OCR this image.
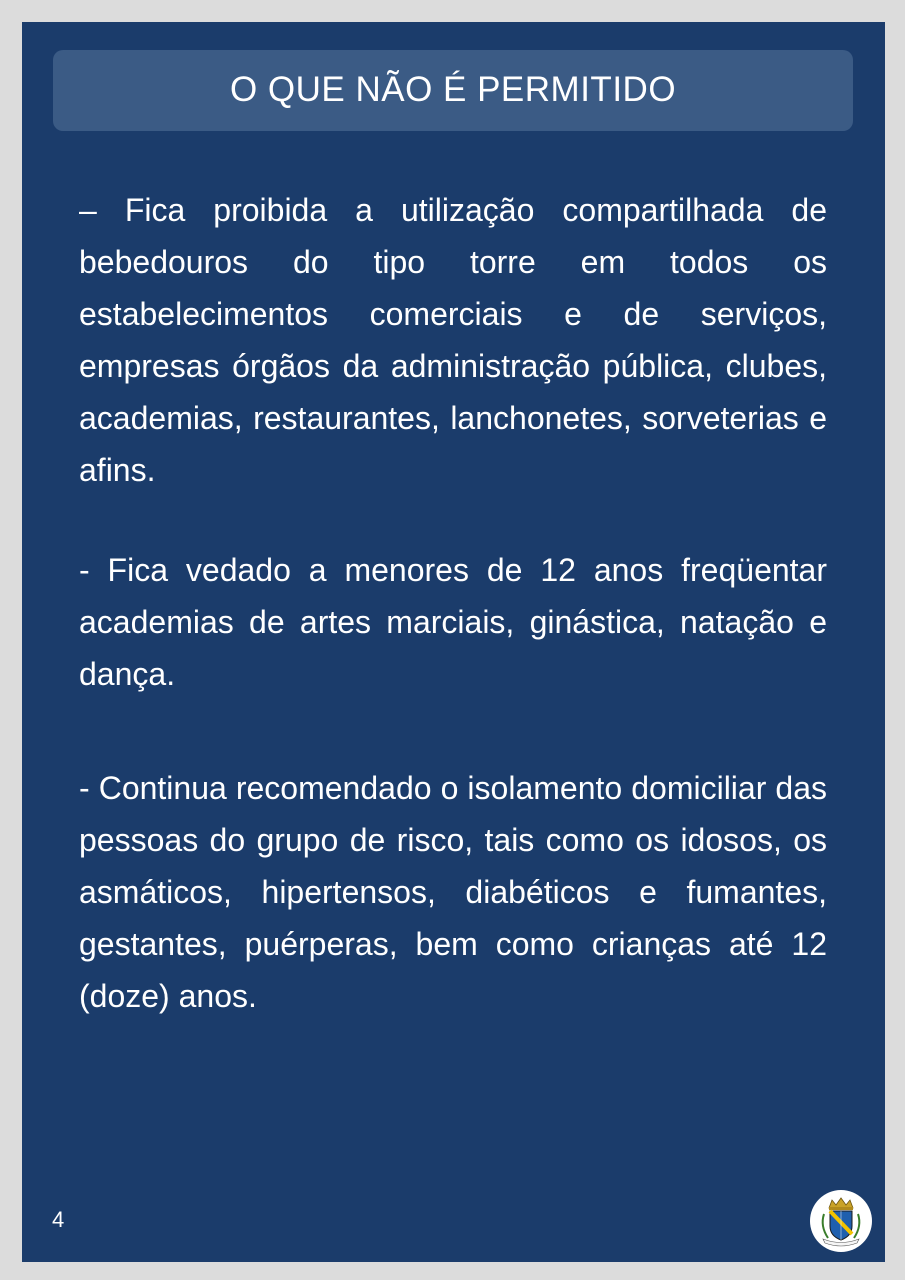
O QUE NÃO É PERMITIDO

– Fica proibida a utilização compartilhada de bebedouros do tipo torre em todos os estabelecimentos comerciais e de serviços, empresas órgãos da administração pública, clubes, academias, restaurantes, lanchonetes, sorveterias e afins.

- Fica vedado a menores de 12 anos freqüentar academias de artes marciais, ginástica, natação e dança.

- Continua recomendado o isolamento domiciliar das pessoas do grupo de risco, tais como os idosos, os asmáticos, hipertensos, diabéticos e fumantes, gestantes, puérperas, bem como crianças até 12 (doze) anos.

4
